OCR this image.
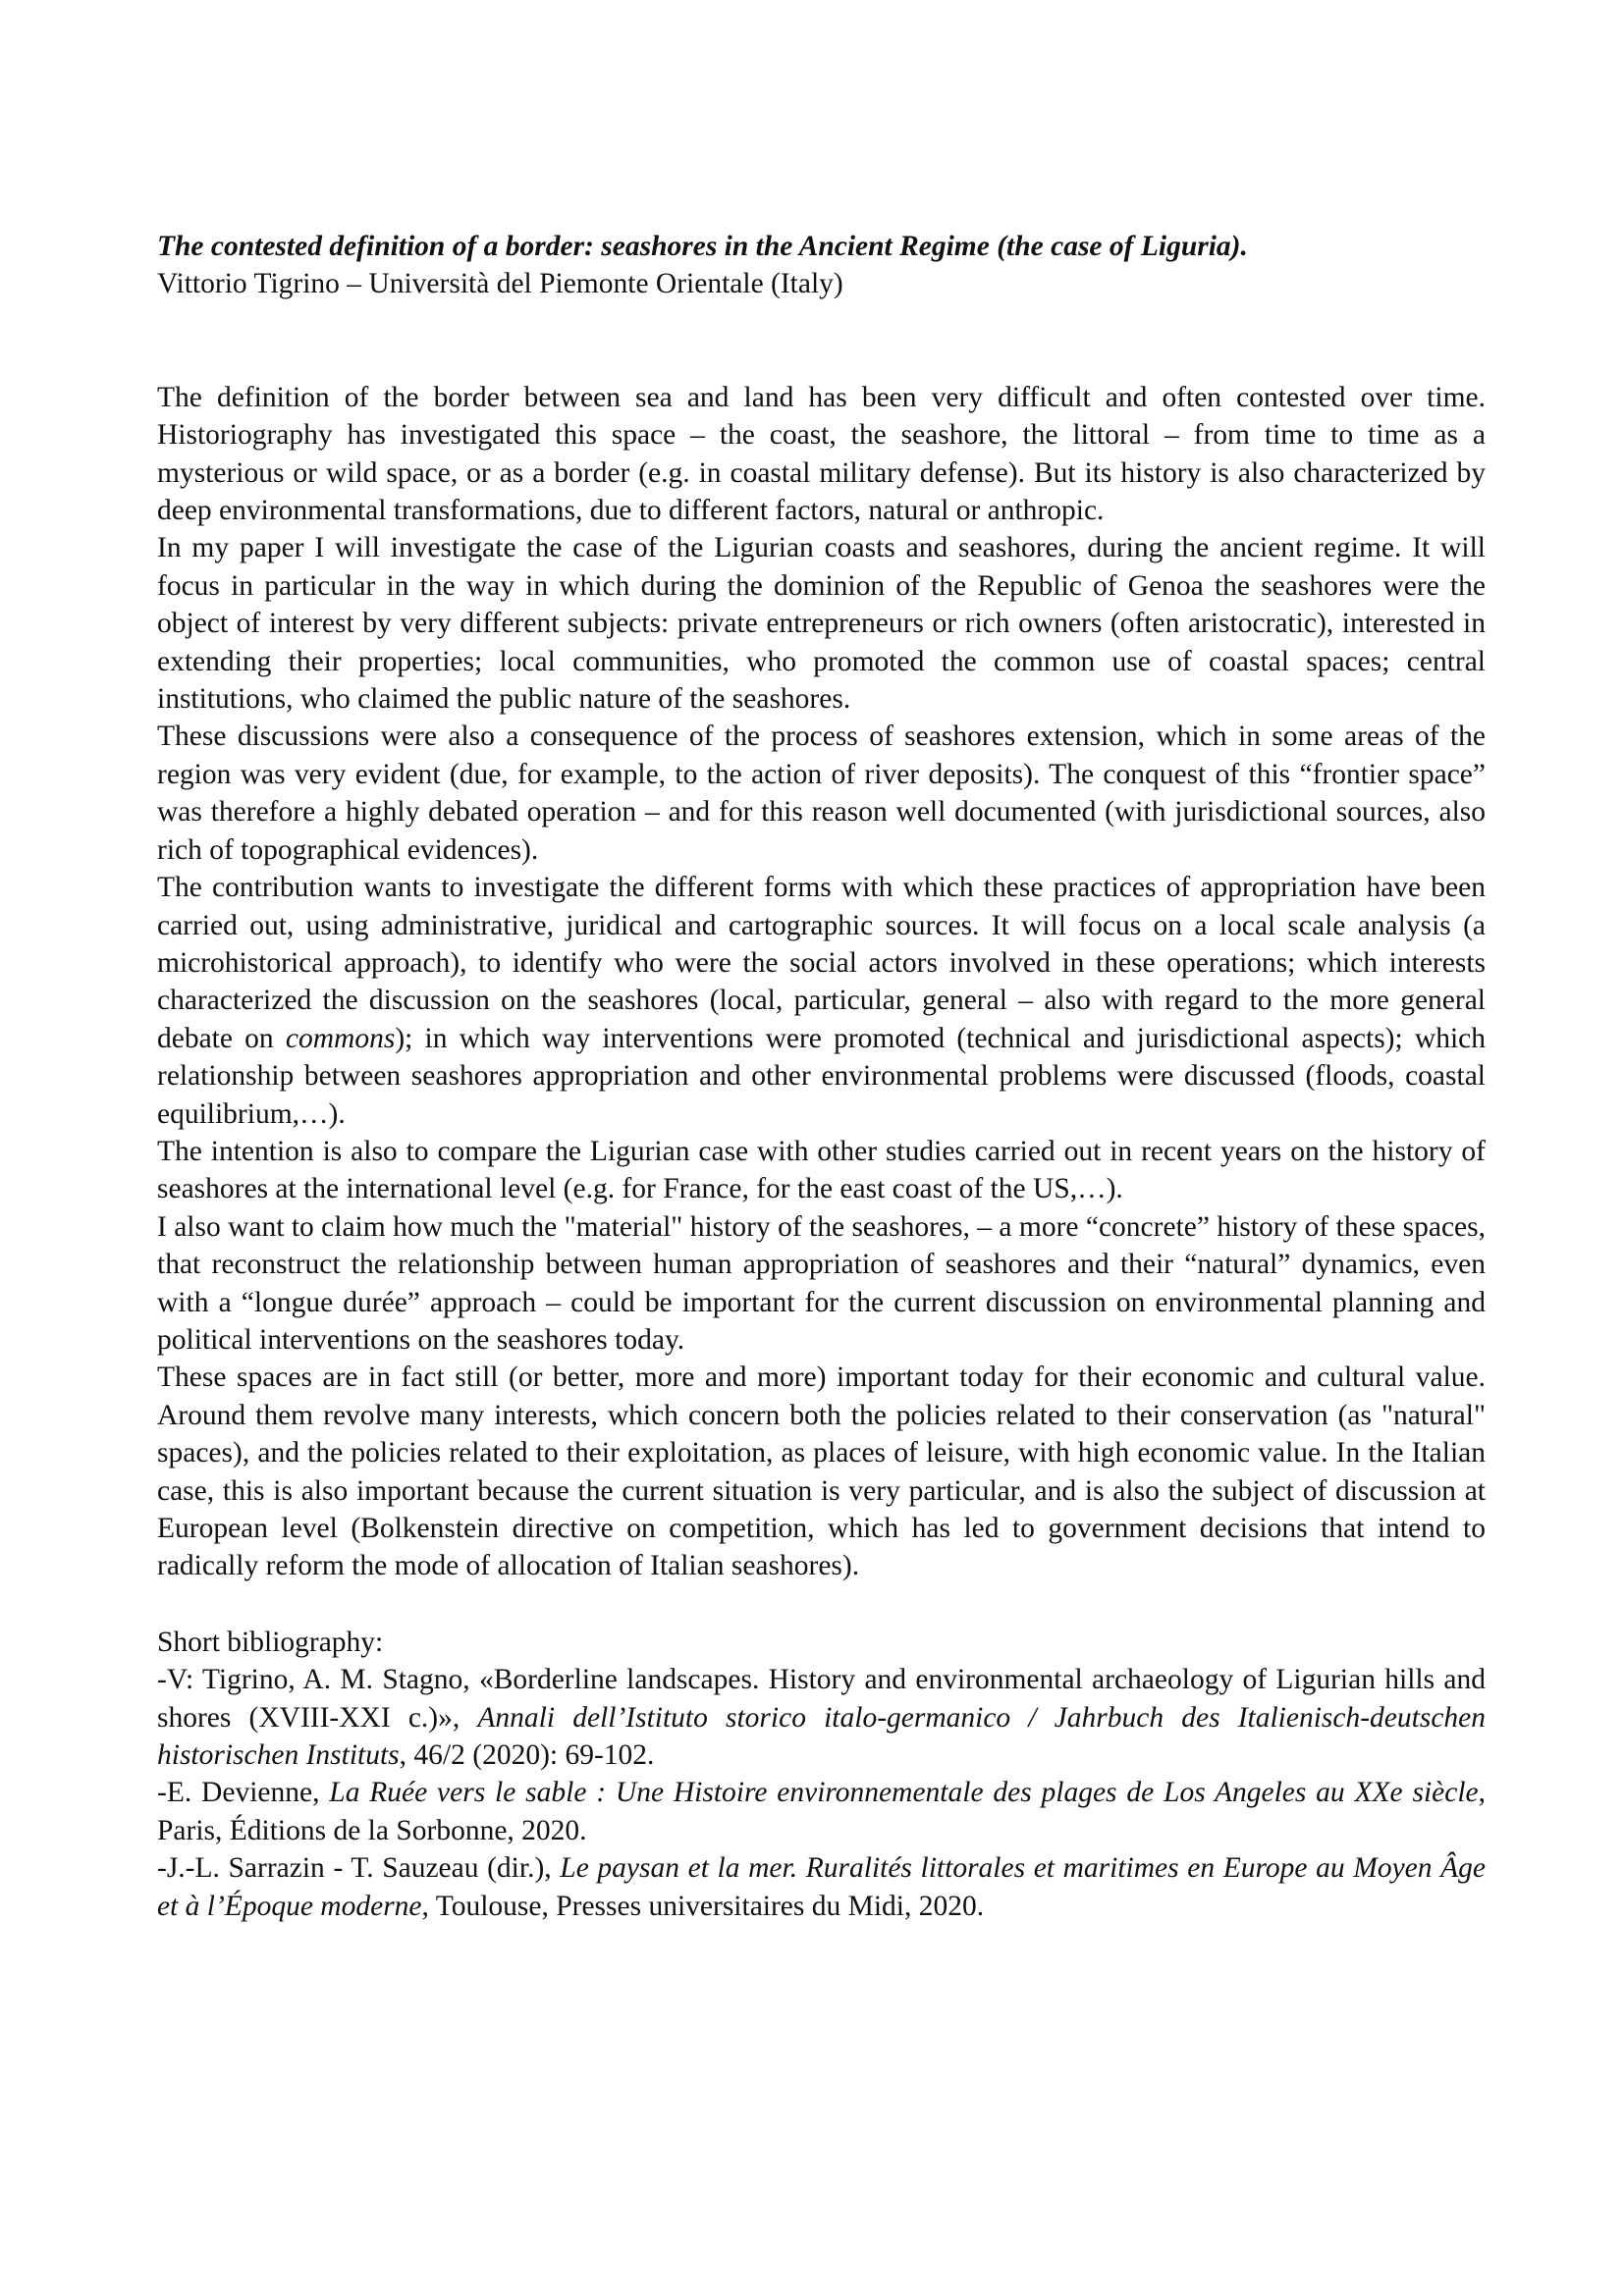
The contested definition of a border: seashores in the Ancient Regime (the case of Liguria).

Vittorio Tigrino – Università del Piemonte Orientale (Italy)

The definition of the border between sea and land has been very difficult and often contested over time. Historiography has investigated this space – the coast, the seashore, the littoral – from time to time as a mysterious or wild space, or as a border (e.g. in coastal military defense). But its history is also characterized by deep environmental transformations, due to different factors, natural or anthropic.

In my paper I will investigate the case of the Ligurian coasts and seashores, during the ancient regime. It will focus in particular in the way in which during the dominion of the Republic of Genoa the seashores were the object of interest by very different subjects: private entrepreneurs or rich owners (often aristocratic), interested in extending their properties; local communities, who promoted the common use of coastal spaces; central institutions, who claimed the public nature of the seashores.

These discussions were also a consequence of the process of seashores extension, which in some areas of the region was very evident (due, for example, to the action of river deposits). The conquest of this “frontier space” was therefore a highly debated operation – and for this reason well documented (with jurisdictional sources, also rich of topographical evidences).

The contribution wants to investigate the different forms with which these practices of appropriation have been carried out, using administrative, juridical and cartographic sources. It will focus on a local scale analysis (a microhistorical approach), to identify who were the social actors involved in these operations; which interests characterized the discussion on the seashores (local, particular, general – also with regard to the more general debate on commons); in which way interventions were promoted (technical and jurisdictional aspects); which relationship between seashores appropriation and other environmental problems were discussed (floods, coastal equilibrium,…).

The intention is also to compare the Ligurian case with other studies carried out in recent years on the history of seashores at the international level (e.g. for France, for the east coast of the US,…).

I also want to claim how much the "material" history of the seashores, – a more “concrete” history of these spaces, that reconstruct the relationship between human appropriation of seashores and their “natural” dynamics, even with a “longue durée” approach – could be important for the current discussion on environmental planning and political interventions on the seashores today.

These spaces are in fact still (or better, more and more) important today for their economic and cultural value. Around them revolve many interests, which concern both the policies related to their conservation (as "natural" spaces), and the policies related to their exploitation, as places of leisure, with high economic value. In the Italian case, this is also important because the current situation is very particular, and is also the subject of discussion at European level (Bolkenstein directive on competition, which has led to government decisions that intend to radically reform the mode of allocation of Italian seashores).

Short bibliography:

-V: Tigrino, A. M. Stagno, «Borderline landscapes. History and environmental archaeology of Ligurian hills and shores (XVIII-XXI c.)», Annali dell’Istituto storico italo-germanico / Jahrbuch des Italienisch-deutschen historischen Instituts, 46/2 (2020): 69-102.

-E. Devienne, La Ruée vers le sable : Une Histoire environnementale des plages de Los Angeles au XXe siècle, Paris, Éditions de la Sorbonne, 2020.

-J.-L. Sarrazin - T. Sauzeau (dir.), Le paysan et la mer. Ruralités littorales et maritimes en Europe au Moyen Âge et à l’Époque moderne, Toulouse, Presses universitaires du Midi, 2020.
